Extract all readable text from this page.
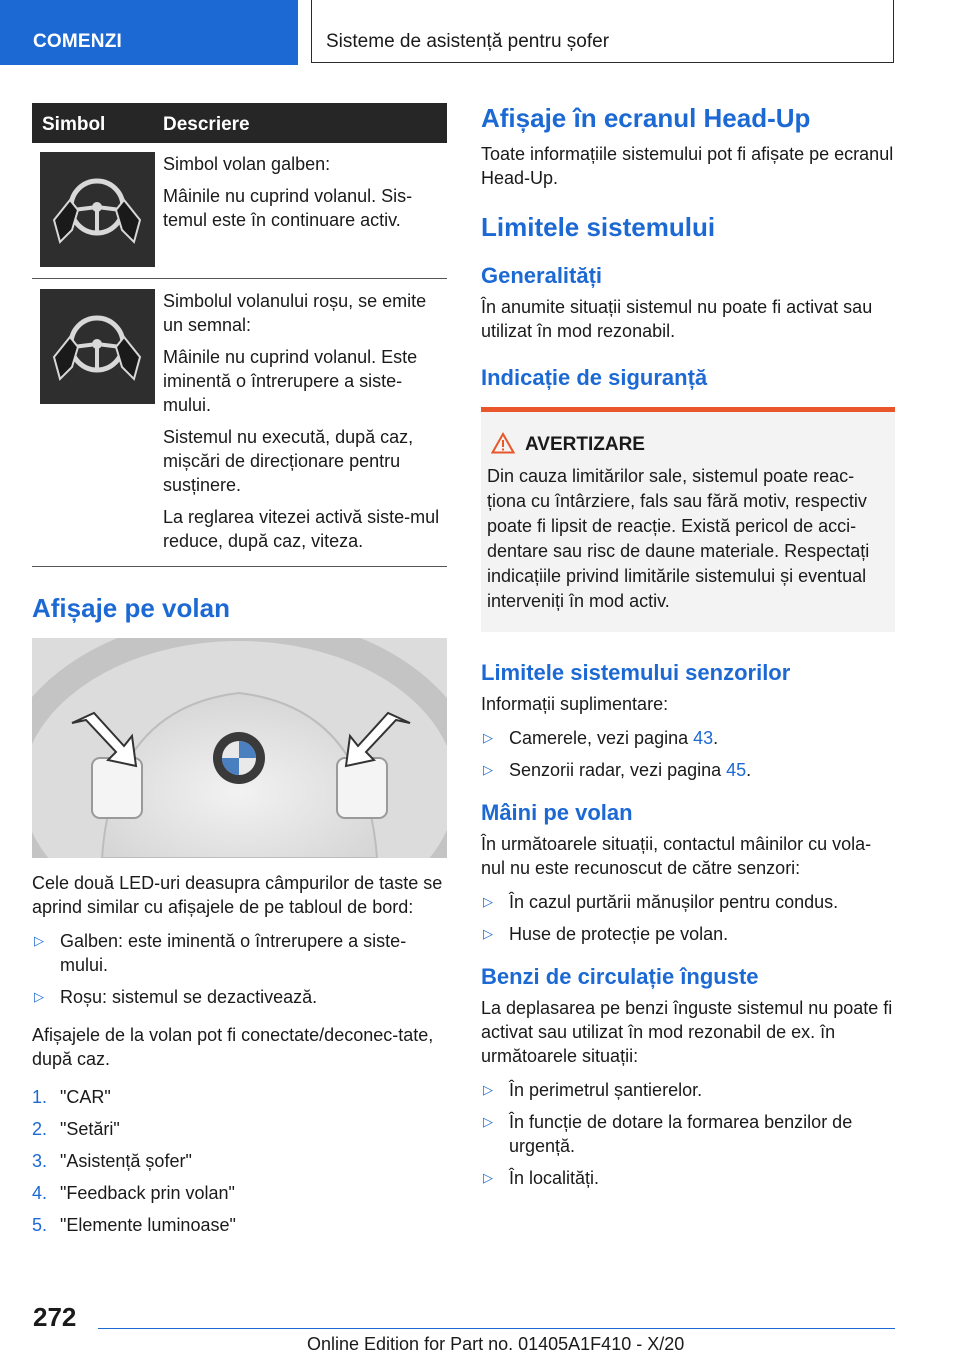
COMENZI	Sisteme de asistență pentru șofer
Simbol	Descriere

Simbol volan galben:

Mâinile nu cuprind volanul. Sis-temul este în continuare activ.

Simbolul volanului roșu, se emite un semnal:

Mâinile nu cuprind volanul. Este iminentă o întrerupere a siste-mului.

Sistemul nu execută, după caz, mișcări de direcționare pentru susținere.

La reglarea vitezei activă siste-mul reduce, după caz, viteza.

Afișaje pe volan

Cele două LED-uri deasupra câmpurilor de taste se aprind similar cu afișajele de pe tabloul de bord:

▷ Galben: este iminentă o întrerupere a siste-mului.
▷ Roșu: sistemul se dezactivează.

Afișajele de la volan pot fi conectate/deconec-tate, după caz.

1. "CAR"
2. "Setări"
3. "Asistență șofer"
4. "Feedback prin volan"
5. "Elemente luminoase"
Afișaje în ecranul Head-Up

Toate informațiile sistemului pot fi afișate pe ecranul Head-Up.

Limitele sistemului
Generalități

În anumite situații sistemul nu poate fi activat sau utilizat în mod rezonabil.

Indicație de siguranță
AVERTIZARE
Din cauza limitărilor sale, sistemul poate reac-ționa cu întârziere, fals sau fără motiv, respectiv poate fi lipsit de reacție. Există pericol de acci-dentare sau risc de daune materiale. Respectați indicațiile privind limitările sistemului și eventual interveniți în mod activ.
Limitele sistemului senzorilor

Informații suplimentare:

▷ Camerele, vezi pagina 43.
▷ Senzorii radar, vezi pagina 45.
Mâini pe volan

În următoarele situații, contactul mâinilor cu vola-nul nu este recunoscut de către senzori:

▷ În cazul purtării mănușilor pentru condus.
▷ Huse de protecție pe volan.
Benzi de circulație înguste

La deplasarea pe benzi înguste sistemul nu poate fi activat sau utilizat în mod rezonabil de ex. în următoarele situații:

▷ În perimetrul șantierelor.
▷ În funcție de dotare la formarea benzilor de urgență.
▷ În localități.
272
Online Edition for Part no. 01405A1F410 - X/20
